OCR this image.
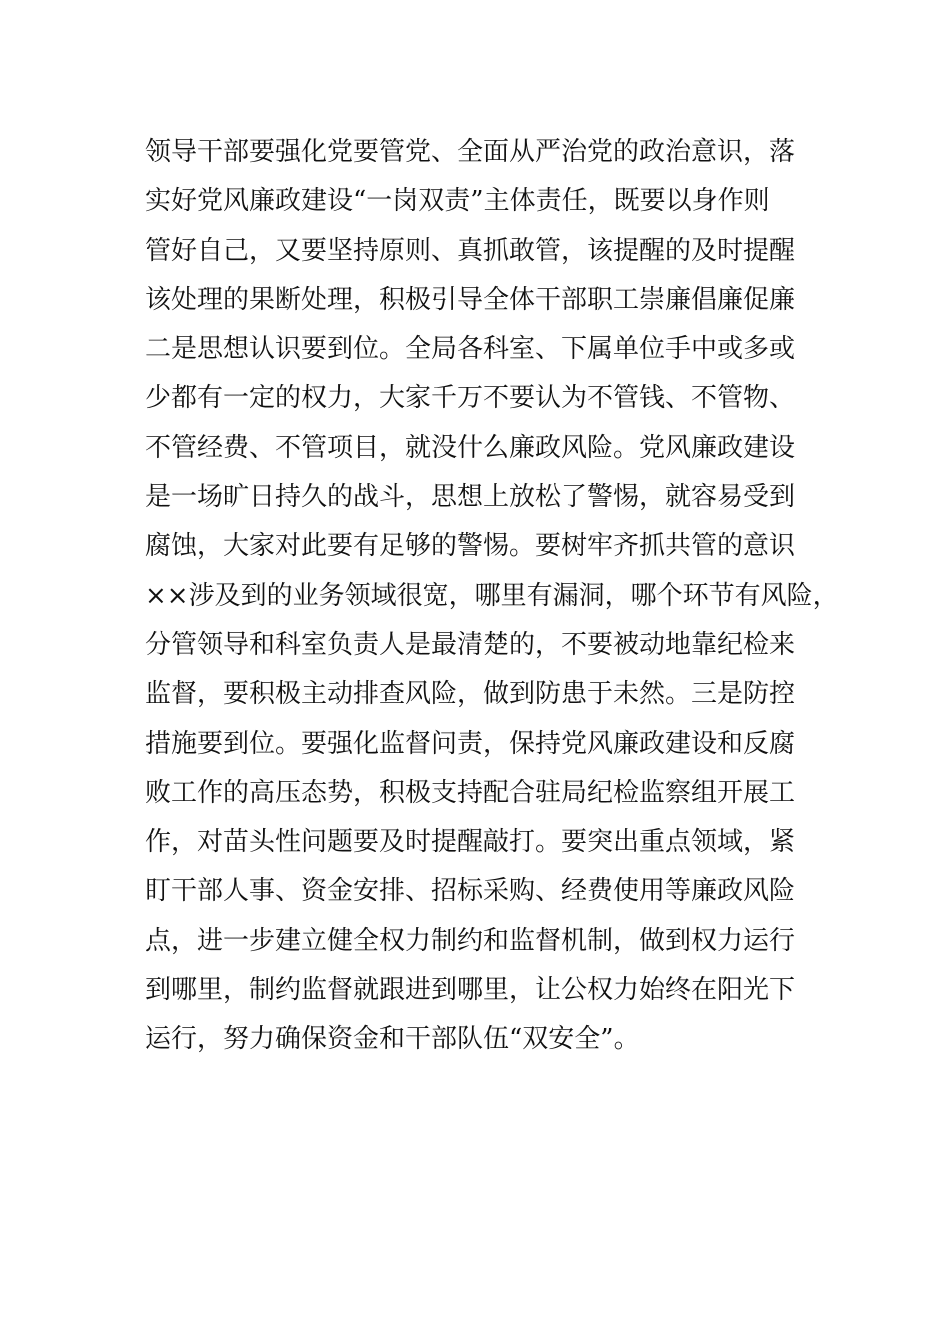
领导干部要强化党要管党、全面从严治党的政治意识，落
实好党风廉政建设“一岗双责”主体责任，既要以身作则
管好自己，又要坚持原则、真抓敢管，该提醒的及时提醒
该处理的果断处理，积极引导全体干部职工崇廉倡廉促廉
二是思想认识要到位。全局各科室、下属单位手中或多或
少都有一定的权力，大家千万不要认为不管钱、不管物、
不管经费、不管项目，就没什么廉政风险。党风廉政建设
是一场旷日持久的战斗，思想上放松了警惕，就容易受到
腐蚀，大家对此要有足够的警惕。要树牢齐抓共管的意识
××涉及到的业务领域很宽，哪里有漏洞，哪个环节有风险，
分管领导和科室负责人是最清楚的，不要被动地靠纪检来
监督，要积极主动排查风险，做到防患于未然。三是防控
措施要到位。要强化监督问责，保持党风廉政建设和反腐
败工作的高压态势，积极支持配合驻局纪检监察组开展工
作，对苗头性问题要及时提醒敲打。要突出重点领域，紧
盯干部人事、资金安排、招标采购、经费使用等廉政风险
点，进一步建立健全权力制约和监督机制，做到权力运行
到哪里，制约监督就跟进到哪里，让公权力始终在阳光下
运行，努力确保资金和干部队伍“双安全”。
